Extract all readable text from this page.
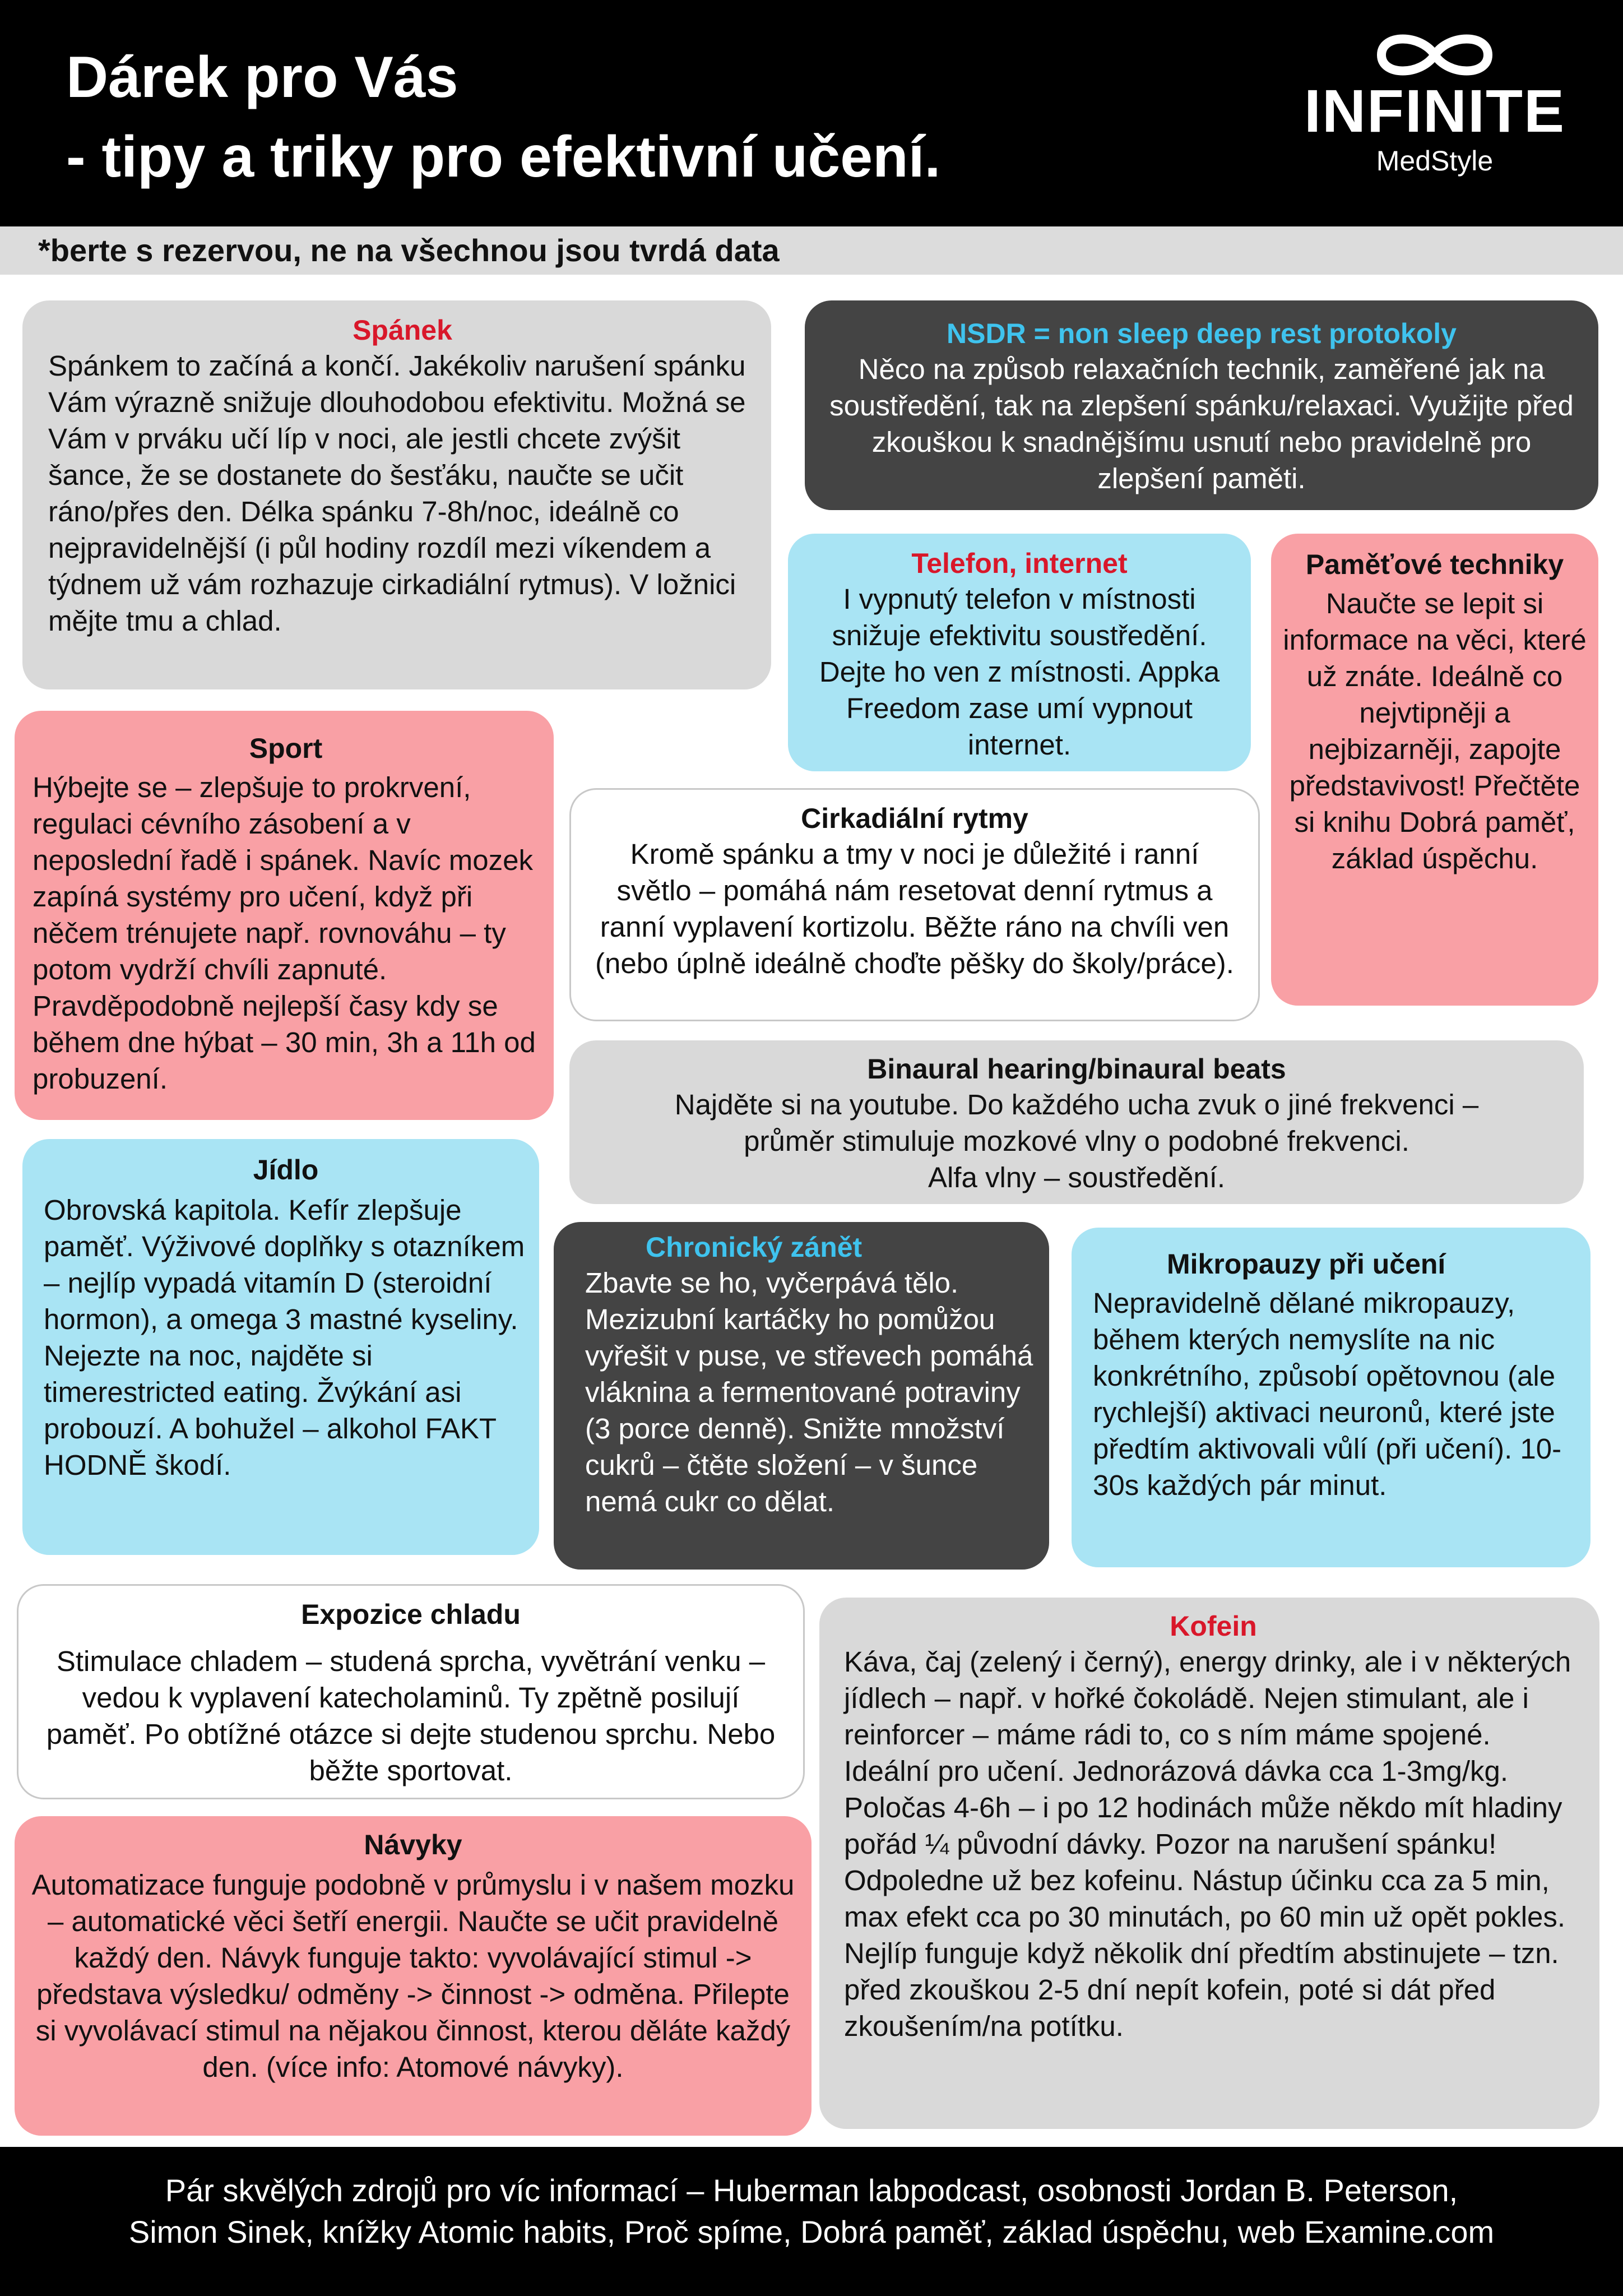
Dárek pro Vás
- tipy a triky pro efektivní učení.
INFINITE
MedStyle
*berte s rezervou, ne na všechnou jsou tvrdá data
Spánek

Spánkem to začíná a končí. Jakékoliv narušení spánku Vám výrazně snižuje dlouhodobou efektivitu. Možná se Vám v prváku učí líp v noci, ale jestli chcete zvýšit šance, že se dostanete do šesťáku, naučte se učit ráno/přes den. Délka spánku 7-8h/noc, ideálně co nejpravidelnější (i půl hodiny rozdíl mezi víkendem a týdnem už vám rozhazuje cirkadiální rytmus). V ložnici mějte tmu a chlad.

NSDR = non sleep deep rest protokoly

Něco na způsob relaxačních technik, zaměřené jak na soustředění, tak na zlepšení spánku/relaxaci. Využijte před zkouškou k snadnějšímu usnutí nebo pravidelně pro zlepšení paměti.

Telefon, internet

I vypnutý telefon v místnosti snižuje efektivitu soustředění. Dejte ho ven z místnosti. Appka Freedom zase umí vypnout internet.

Paměťové techniky

Naučte se lepit si informace na věci, které už znáte. Ideálně co nejvtipněji a nejbizarněji, zapojte představivost! Přečtěte si knihu Dobrá paměť, základ úspěchu.

Sport

Hýbejte se – zlepšuje to prokrvení, regulaci cévního zásobení a v neposlední řadě i spánek. Navíc mozek zapíná systémy pro učení, když při něčem trénujete např. rovnováhu – ty potom vydrží chvíli zapnuté. Pravděpodobně nejlepší časy kdy se během dne hýbat – 30 min, 3h a 11h od probuzení.

Cirkadiální rytmy

Kromě spánku a tmy v noci je důležité i ranní světlo – pomáhá nám resetovat denní rytmus a ranní vyplavení kortizolu. Běžte ráno na chvíli ven (nebo úplně ideálně choďte pěšky do školy/práce).

Binaural hearing/binaural beats

Najděte si na youtube. Do každého ucha zvuk o jiné frekvenci – průměr stimuluje mozkové vlny o podobné frekvenci.

Alfa vlny – soustředění.

Jídlo

Obrovská kapitola. Kefír zlepšuje paměť. Výživové doplňky s otazníkem – nejlíp vypadá vitamín D (steroidní hormon), a omega 3 mastné kyseliny. Nejezte na noc, najděte si timerestricted eating. Žvýkání asi probouzí. A bohužel – alkohol FAKT HODNĚ škodí.

Chronický zánět

Zbavte se ho, vyčerpává tělo. Mezizubní kartáčky ho pomůžou vyřešit v puse, ve střevech pomáhá vláknina a fermentované potraviny (3 porce denně). Snižte množství cukrů – čtěte složení – v šunce nemá cukr co dělat.

Mikropauzy při učení

Nepravidelně dělané mikropauzy, během kterých nemyslíte na nic konkrétního, způsobí opětovnou (ale rychlejší) aktivaci neuronů, které jste předtím aktivovali vůlí (při učení). 10-30s každých pár minut.

Expozice chladu

Stimulace chladem – studená sprcha, vyvětrání venku – vedou k vyplavení katecholaminů. Ty zpětně posilují paměť. Po obtížné otázce si dejte studenou sprchu. Nebo běžte sportovat.

Kofein

Káva, čaj (zelený i černý), energy drinky, ale i v některých jídlech – např. v hořké čokoládě. Nejen stimulant, ale i reinforcer – máme rádi to, co s ním máme spojené. Ideální pro učení. Jednorázová dávka cca 1-3mg/kg. Poločas 4-6h – i po 12 hodinách může někdo mít hladiny pořád ¼ původní dávky. Pozor na narušení spánku! Odpoledne už bez kofeinu. Nástup účinku cca za 5 min, max efekt cca po 30 minutách, po 60 min už opět pokles. Nejlíp funguje když několik dní předtím abstinujete – tzn. před zkouškou 2-5 dní nepít kofein, poté si dát před zkoušením/na potítku.

Návyky

Automatizace funguje podobně v průmyslu i v našem mozku – automatické věci šetří energii. Naučte se učit pravidelně každý den. Návyk funguje takto: vyvolávající stimul -> představa výsledku/ odměny -> činnost -> odměna. Přilepte si vyvolávací stimul na nějakou činnost, kterou děláte každý den. (více info: Atomové návyky).

Pár skvělých zdrojů pro víc informací – Huberman labpodcast, osobnosti Jordan B. Peterson,

Simon Sinek, knížky Atomic habits, Proč spíme, Dobrá paměť, základ úspěchu, web Examine.com
